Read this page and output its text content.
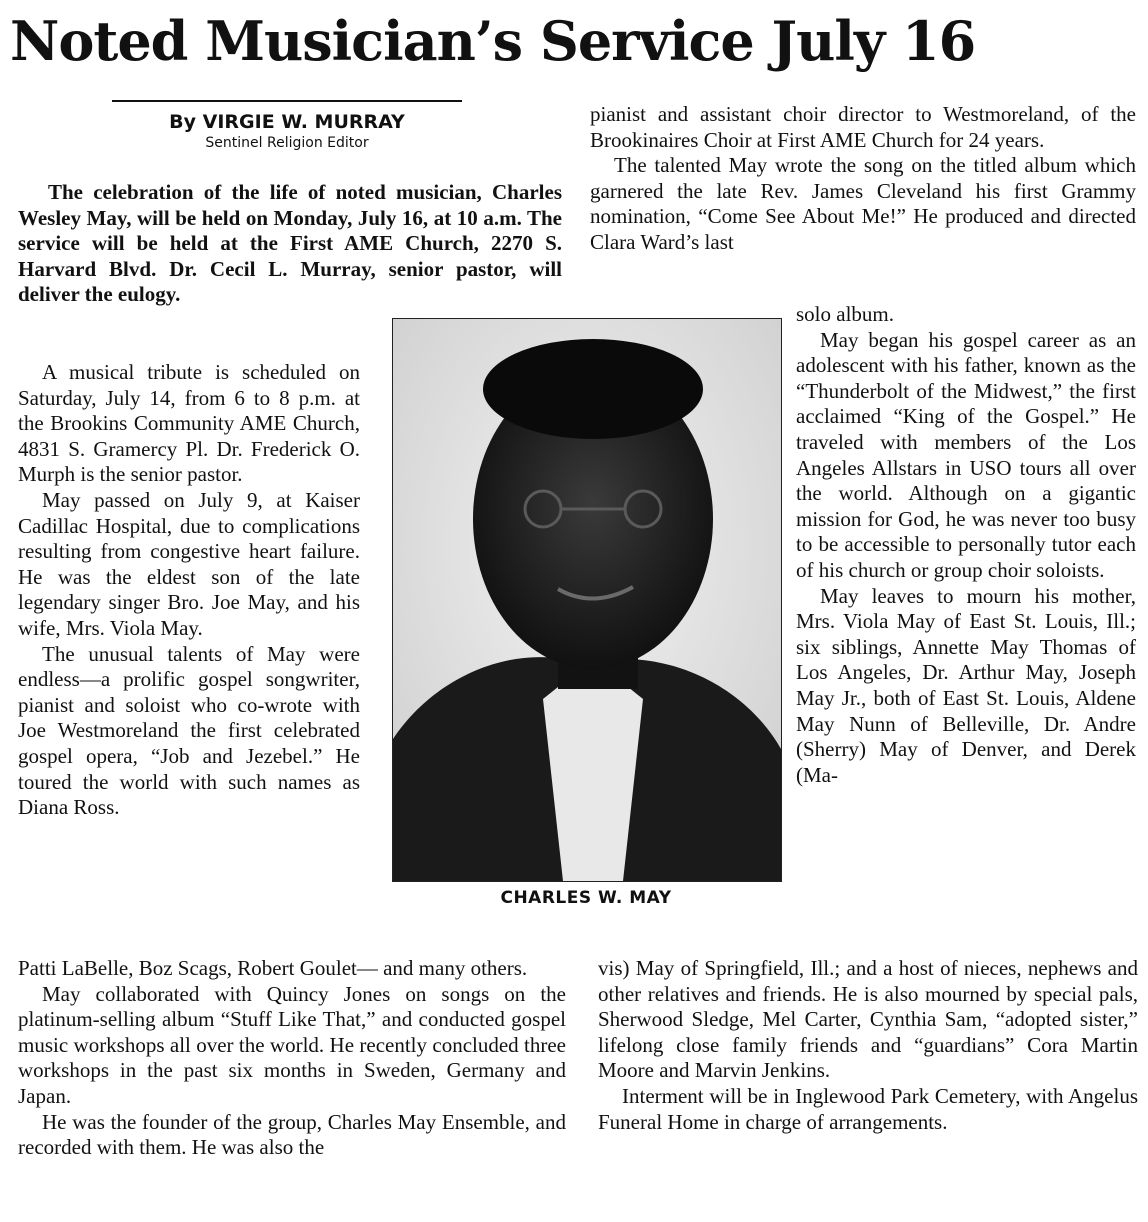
Noted Musician’s Service July 16
By VIRGIE W. MURRAY
Sentinel Religion Editor

The celebration of the life of noted musician, Charles Wesley May, will be held on Monday, July 16, at 10 a.m. The service will be held at the First AME Church, 2270 S. Harvard Blvd. Dr. Cecil L. Murray, senior pastor, will deliver the eulogy.

A musical tribute is scheduled on Saturday, July 14, from 6 to 8 p.m. at the Brookins Community AME Church, 4831 S. Gramercy Pl. Dr. Frederick O. Murph is the senior pastor.

May passed on July 9, at Kaiser Cadillac Hospital, due to complications resulting from congestive heart failure. He was the eldest son of the late legendary singer Bro. Joe May, and his wife, Mrs. Viola May.

The unusual talents of May were endless—a prolific gospel songwriter, pianist and soloist who co-wrote with Joe Westmoreland the first celebrated gospel opera, “Job and Jezebel.” He toured the world with such names as Diana Ross.

Patti LaBelle, Boz Scags, Robert Goulet— and many others.

May collaborated with Quincy Jones on songs on the platinum-selling album “Stuff Like That,” and conducted gospel music workshops all over the world. He recently concluded three workshops in the past six months in Sweden, Germany and Japan.

He was the founder of the group, Charles May Ensemble, and recorded with them. He was also the

pianist and assistant choir director to Westmoreland, of the Brookinaires Choir at First AME Church for 24 years.

The talented May wrote the song on the titled album which garnered the late Rev. James Cleveland his first Grammy nomination, “Come See About Me!” He produced and directed Clara Ward’s last

solo album.

May began his gospel career as an adolescent with his father, known as the “Thunderbolt of the Midwest,” the first acclaimed “King of the Gospel.” He traveled with members of the Los Angeles Allstars in USO tours all over the world. Although on a gigantic mission for God, he was never too busy to be accessible to personally tutor each of his church or group choir soloists.

May leaves to mourn his mother, Mrs. Viola May of East St. Louis, Ill.; six siblings, Annette May Thomas of Los Angeles, Dr. Arthur May, Joseph May Jr., both of East St. Louis, Aldene May Nunn of Belleville, Dr. Andre (Sherry) May of Denver, and Derek (Ma-

vis) May of Springfield, Ill.; and a host of nieces, nephews and other relatives and friends. He is also mourned by special pals, Sherwood Sledge, Mel Carter, Cynthia Sam, “adopted sister,” lifelong close family friends and “guardians” Cora Martin Moore and Marvin Jenkins.

Interment will be in Inglewood Park Cemetery, with Angelus Funeral Home in charge of arrangements.

CHARLES W. MAY
